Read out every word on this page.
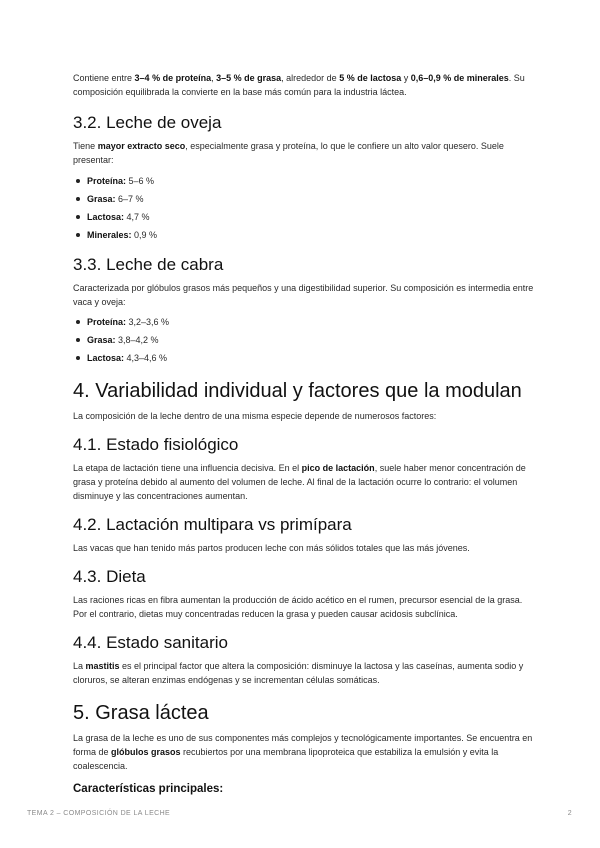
Contiene entre 3–4 % de proteína, 3–5 % de grasa, alrededor de 5 % de lactosa y 0,6–0,9 % de minerales. Su composición equilibrada la convierte en la base más común para la industria láctea.

3.2. Leche de oveja

Tiene mayor extracto seco, especialmente grasa y proteína, lo que le confiere un alto valor quesero. Suele presentar:

Proteína: 5–6 %
Grasa: 6–7 %
Lactosa: 4,7 %
Minerales: 0,9 %
3.3. Leche de cabra

Caracterizada por glóbulos grasos más pequeños y una digestibilidad superior. Su composición es intermedia entre vaca y oveja:

Proteína: 3,2–3,6 %
Grasa: 3,8–4,2 %
Lactosa: 4,3–4,6 %
4. Variabilidad individual y factores que la modulan

La composición de la leche dentro de una misma especie depende de numerosos factores:

4.1. Estado fisiológico

La etapa de lactación tiene una influencia decisiva. En el pico de lactación, suele haber menor concentración de grasa y proteína debido al aumento del volumen de leche. Al final de la lactación ocurre lo contrario: el volumen disminuye y las concentraciones aumentan.

4.2. Lactación multipara vs primípara

Las vacas que han tenido más partos producen leche con más sólidos totales que las más jóvenes.

4.3. Dieta

Las raciones ricas en fibra aumentan la producción de ácido acético en el rumen, precursor esencial de la grasa. Por el contrario, dietas muy concentradas reducen la grasa y pueden causar acidosis subclínica.

4.4. Estado sanitario

La mastitis es el principal factor que altera la composición: disminuye la lactosa y las caseínas, aumenta sodio y cloruros, se alteran enzimas endógenas y se incrementan células somáticas.

5. Grasa láctea

La grasa de la leche es uno de sus componentes más complejos y tecnológicamente importantes. Se encuentra en forma de glóbulos grasos recubiertos por una membrana lipoproteica que estabiliza la emulsión y evita la coalescencia.

Características principales:
TEMA 2 – COMPOSICIÓN DE LA LECHE	2
